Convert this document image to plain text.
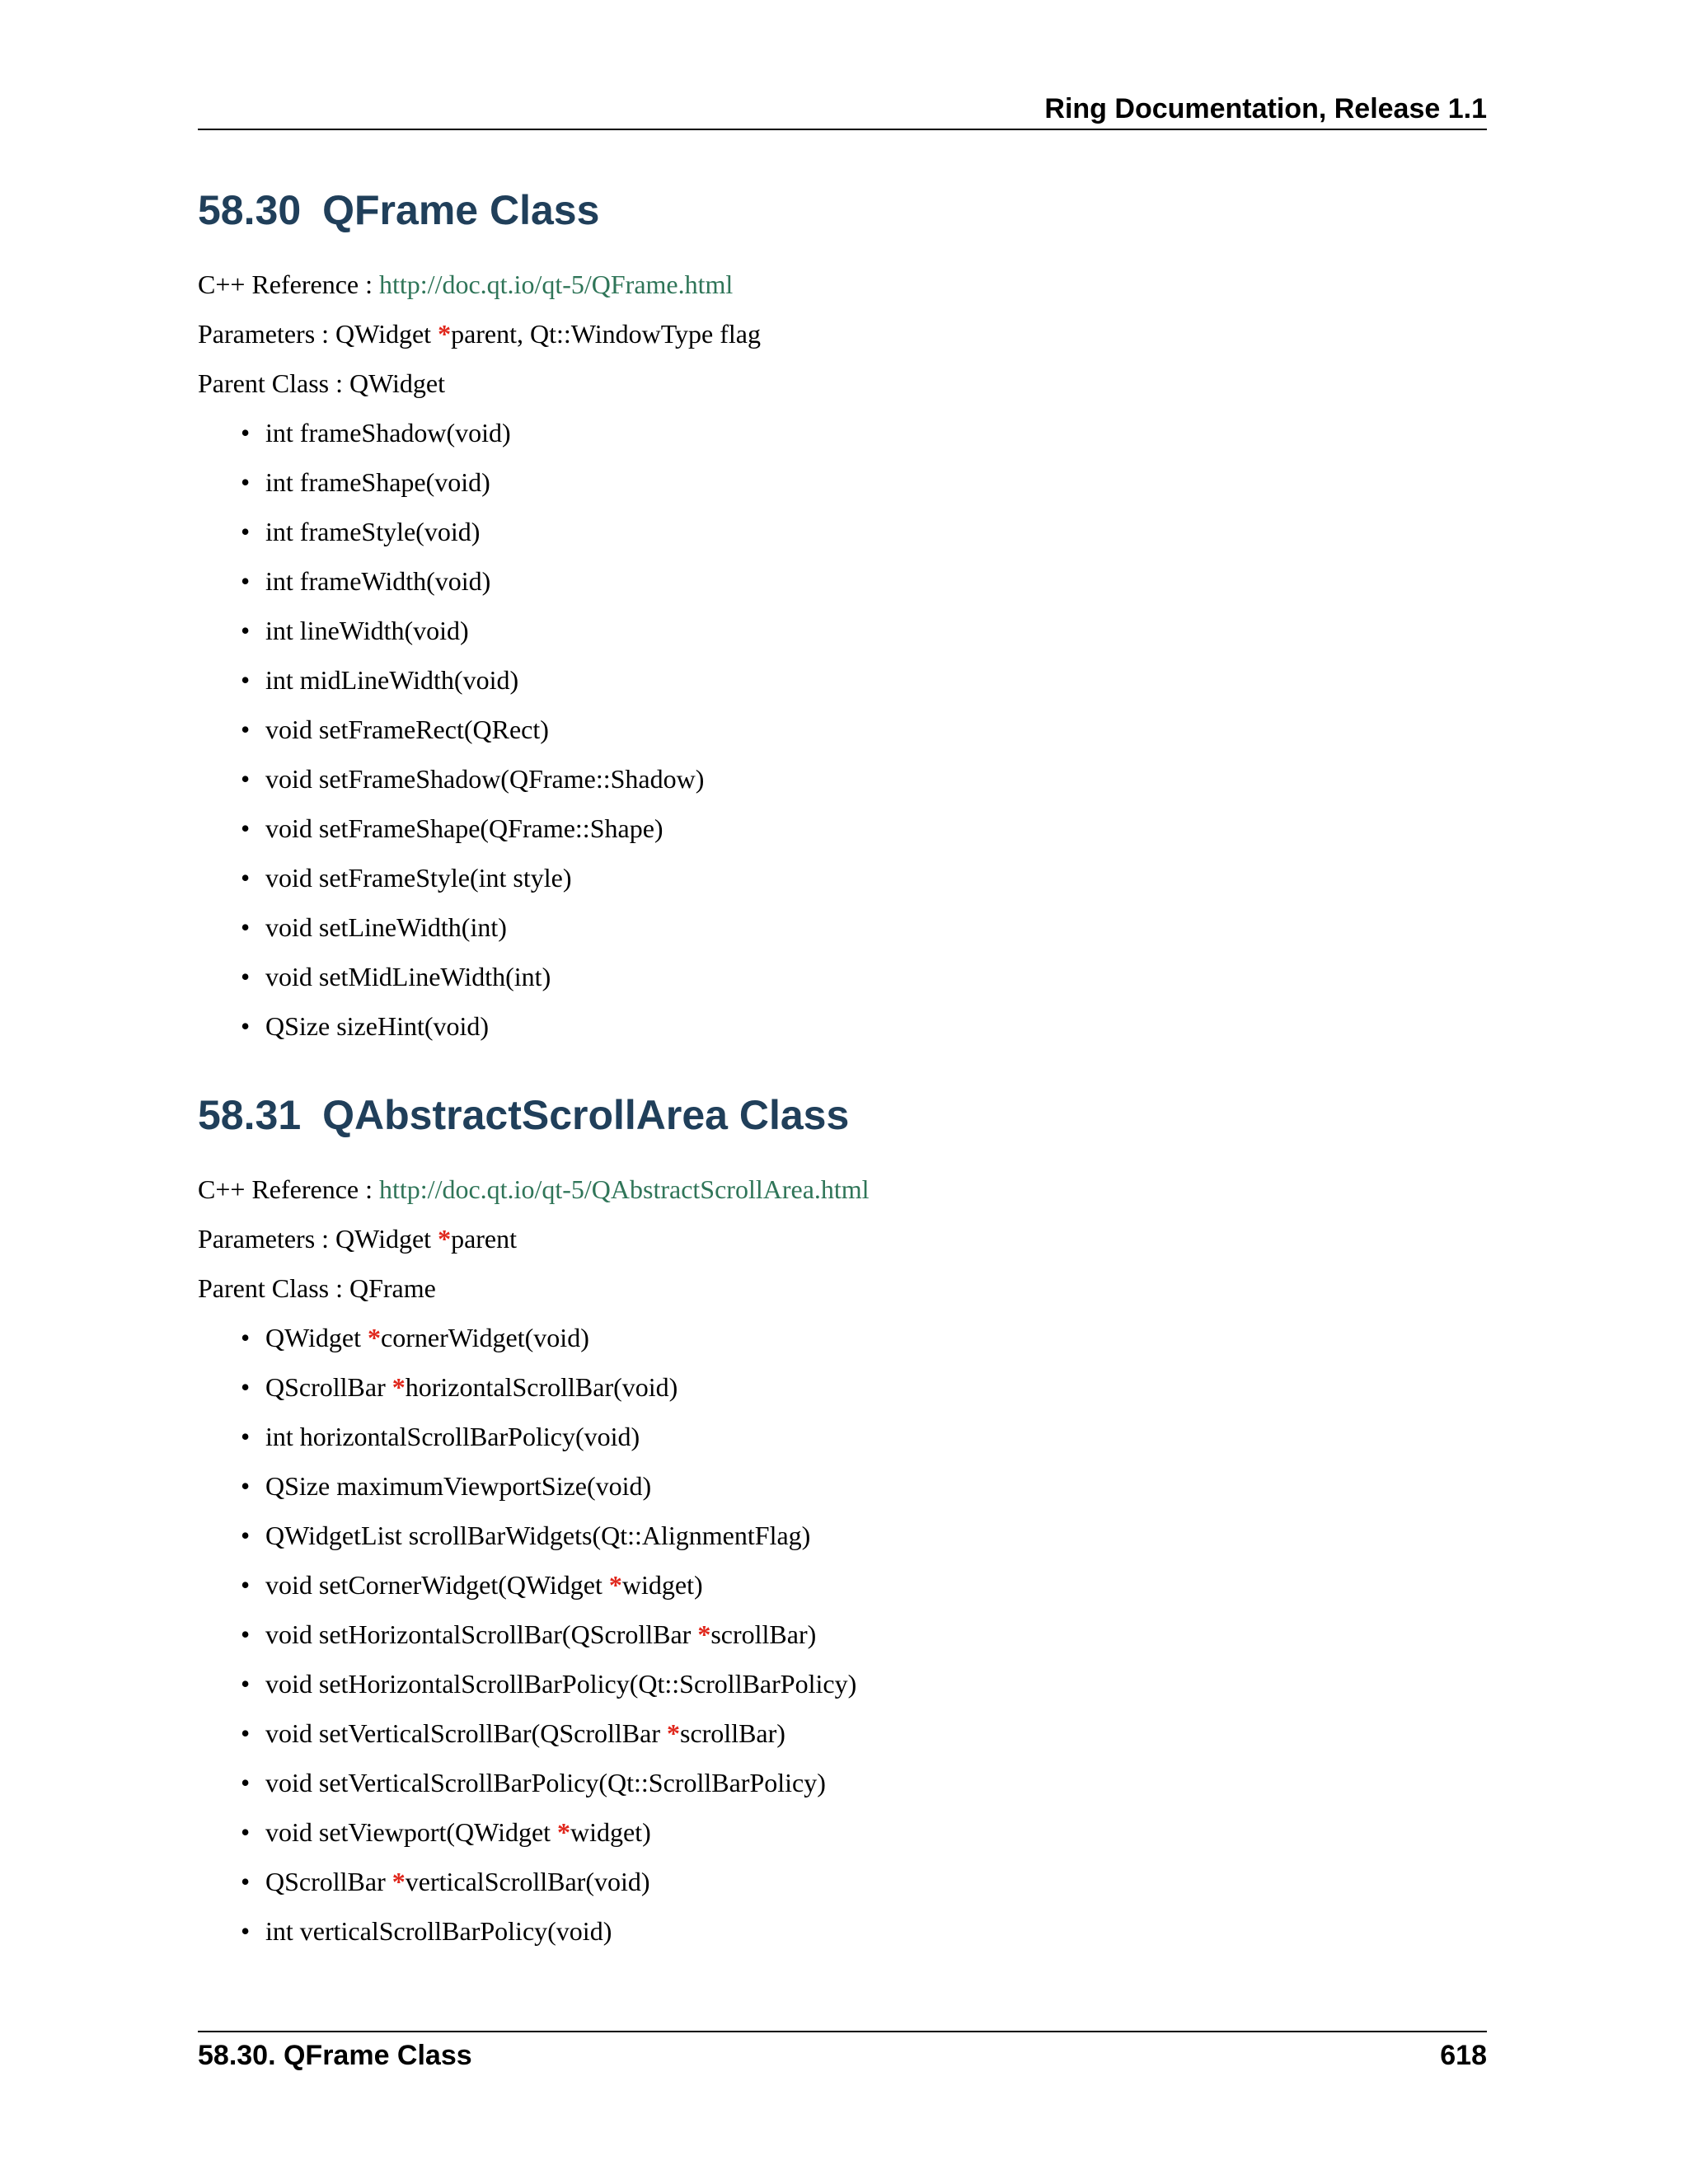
Ring Documentation, Release 1.1
58.30 QFrame Class

C++ Reference : http://doc.qt.io/qt-5/QFrame.html

Parameters : QWidget *parent, Qt::WindowType flag

Parent Class : QWidget

• int frameShadow(void)
• int frameShape(void)
• int frameStyle(void)
• int frameWidth(void)
• int lineWidth(void)
• int midLineWidth(void)
• void setFrameRect(QRect)
• void setFrameShadow(QFrame::Shadow)
• void setFrameShape(QFrame::Shape)
• void setFrameStyle(int style)
• void setLineWidth(int)
• void setMidLineWidth(int)
• QSize sizeHint(void)
58.31 QAbstractScrollArea Class

C++ Reference : http://doc.qt.io/qt-5/QAbstractScrollArea.html

Parameters : QWidget *parent

Parent Class : QFrame

• QWidget *cornerWidget(void)
• QScrollBar *horizontalScrollBar(void)
• int horizontalScrollBarPolicy(void)
• QSize maximumViewportSize(void)
• QWidgetList scrollBarWidgets(Qt::AlignmentFlag)
• void setCornerWidget(QWidget *widget)
• void setHorizontalScrollBar(QScrollBar *scrollBar)
• void setHorizontalScrollBarPolicy(Qt::ScrollBarPolicy)
• void setVerticalScrollBar(QScrollBar *scrollBar)
• void setVerticalScrollBarPolicy(Qt::ScrollBarPolicy)
• void setViewport(QWidget *widget)
• QScrollBar *verticalScrollBar(void)
• int verticalScrollBarPolicy(void)
58.30. QFrame Class	618
